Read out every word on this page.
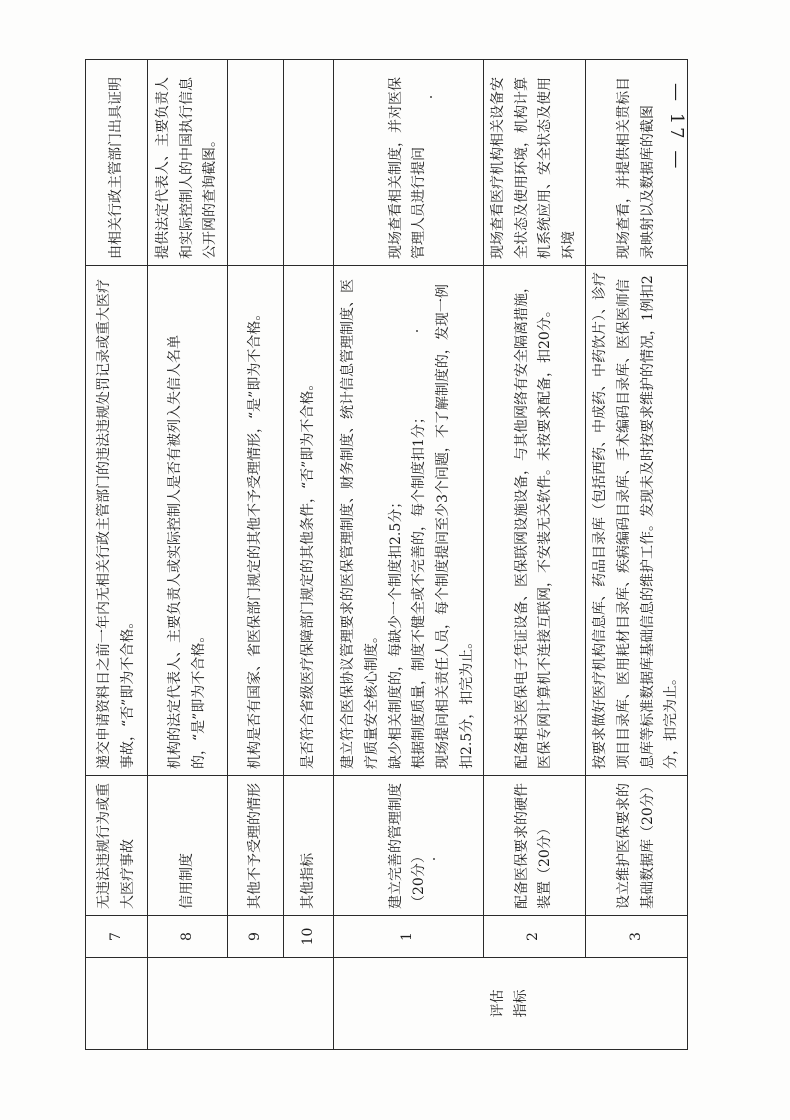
	7	无违法违规行为或重大医疗事故	递交申请资料日之前一年内无相关行政主管部门的违法违规处罚记录或重大医疗事故，“否”即为不合格。	由相关行政主管部门出具证明
	8	信用制度	机构的法定代表人、主要负责人或实际控制人是否有被列入失信人名单的，“是”即为不合格。	提供法定代表人、主要负责人和实际控制人的中国执行信息公开网的查询截图。
	9	其他不予受理的情形	机构是否有国家、省医保部门规定的其他不予受理情形，“是”即为不合格。	

	10	其他指标	是否符合省级医疗保障部门规定的其他条件，“否”即为不合格。	

评估指标	1	建立完善的管理制度（20分）	建立符合医保协议管理要求的医保管理制度、财务制度、统计信息管理制度、医疗质量安全核心制度。 缺少相关制度的，每缺少一个制度扣2.5分； 根据制度质量，制度不健全或不完善的，每个制度扣1分； 现场提问相关责任人员，每个制度提问至少3个问题，不了解制度的，发现一例扣2.5分，扣完为止。	现场查看相关制度，并对医保管理人员进行提问
	2	配备医保要求的硬件装置（20分）	配备相关医保电子凭证设备、医保联网设施设备，与其他网络有安全隔离措施，医保专网计算机不连接互联网，不安装无关软件。未按要求配备，扣20分。	现场查看医疗机构相关设备安全状态及使用环境，机构计算机系统应用、安全状态及使用环境
	3	设立维护医保要求的基础数据库（20分）	按要求做好医疗机构信息库、药品目录库（包括西药、中成药、中药饮片）、诊疗项目目录库、医用耗材目录库、疾病编码目录库、手术编码目录库、医保医师信息库等标准数据库基础信息的维护工作。发现未及时按要求维护的情况，1例扣2分，扣完为止。	现场查看，并提供相关贯标目录映射以及数据库的截图 — 17 —
